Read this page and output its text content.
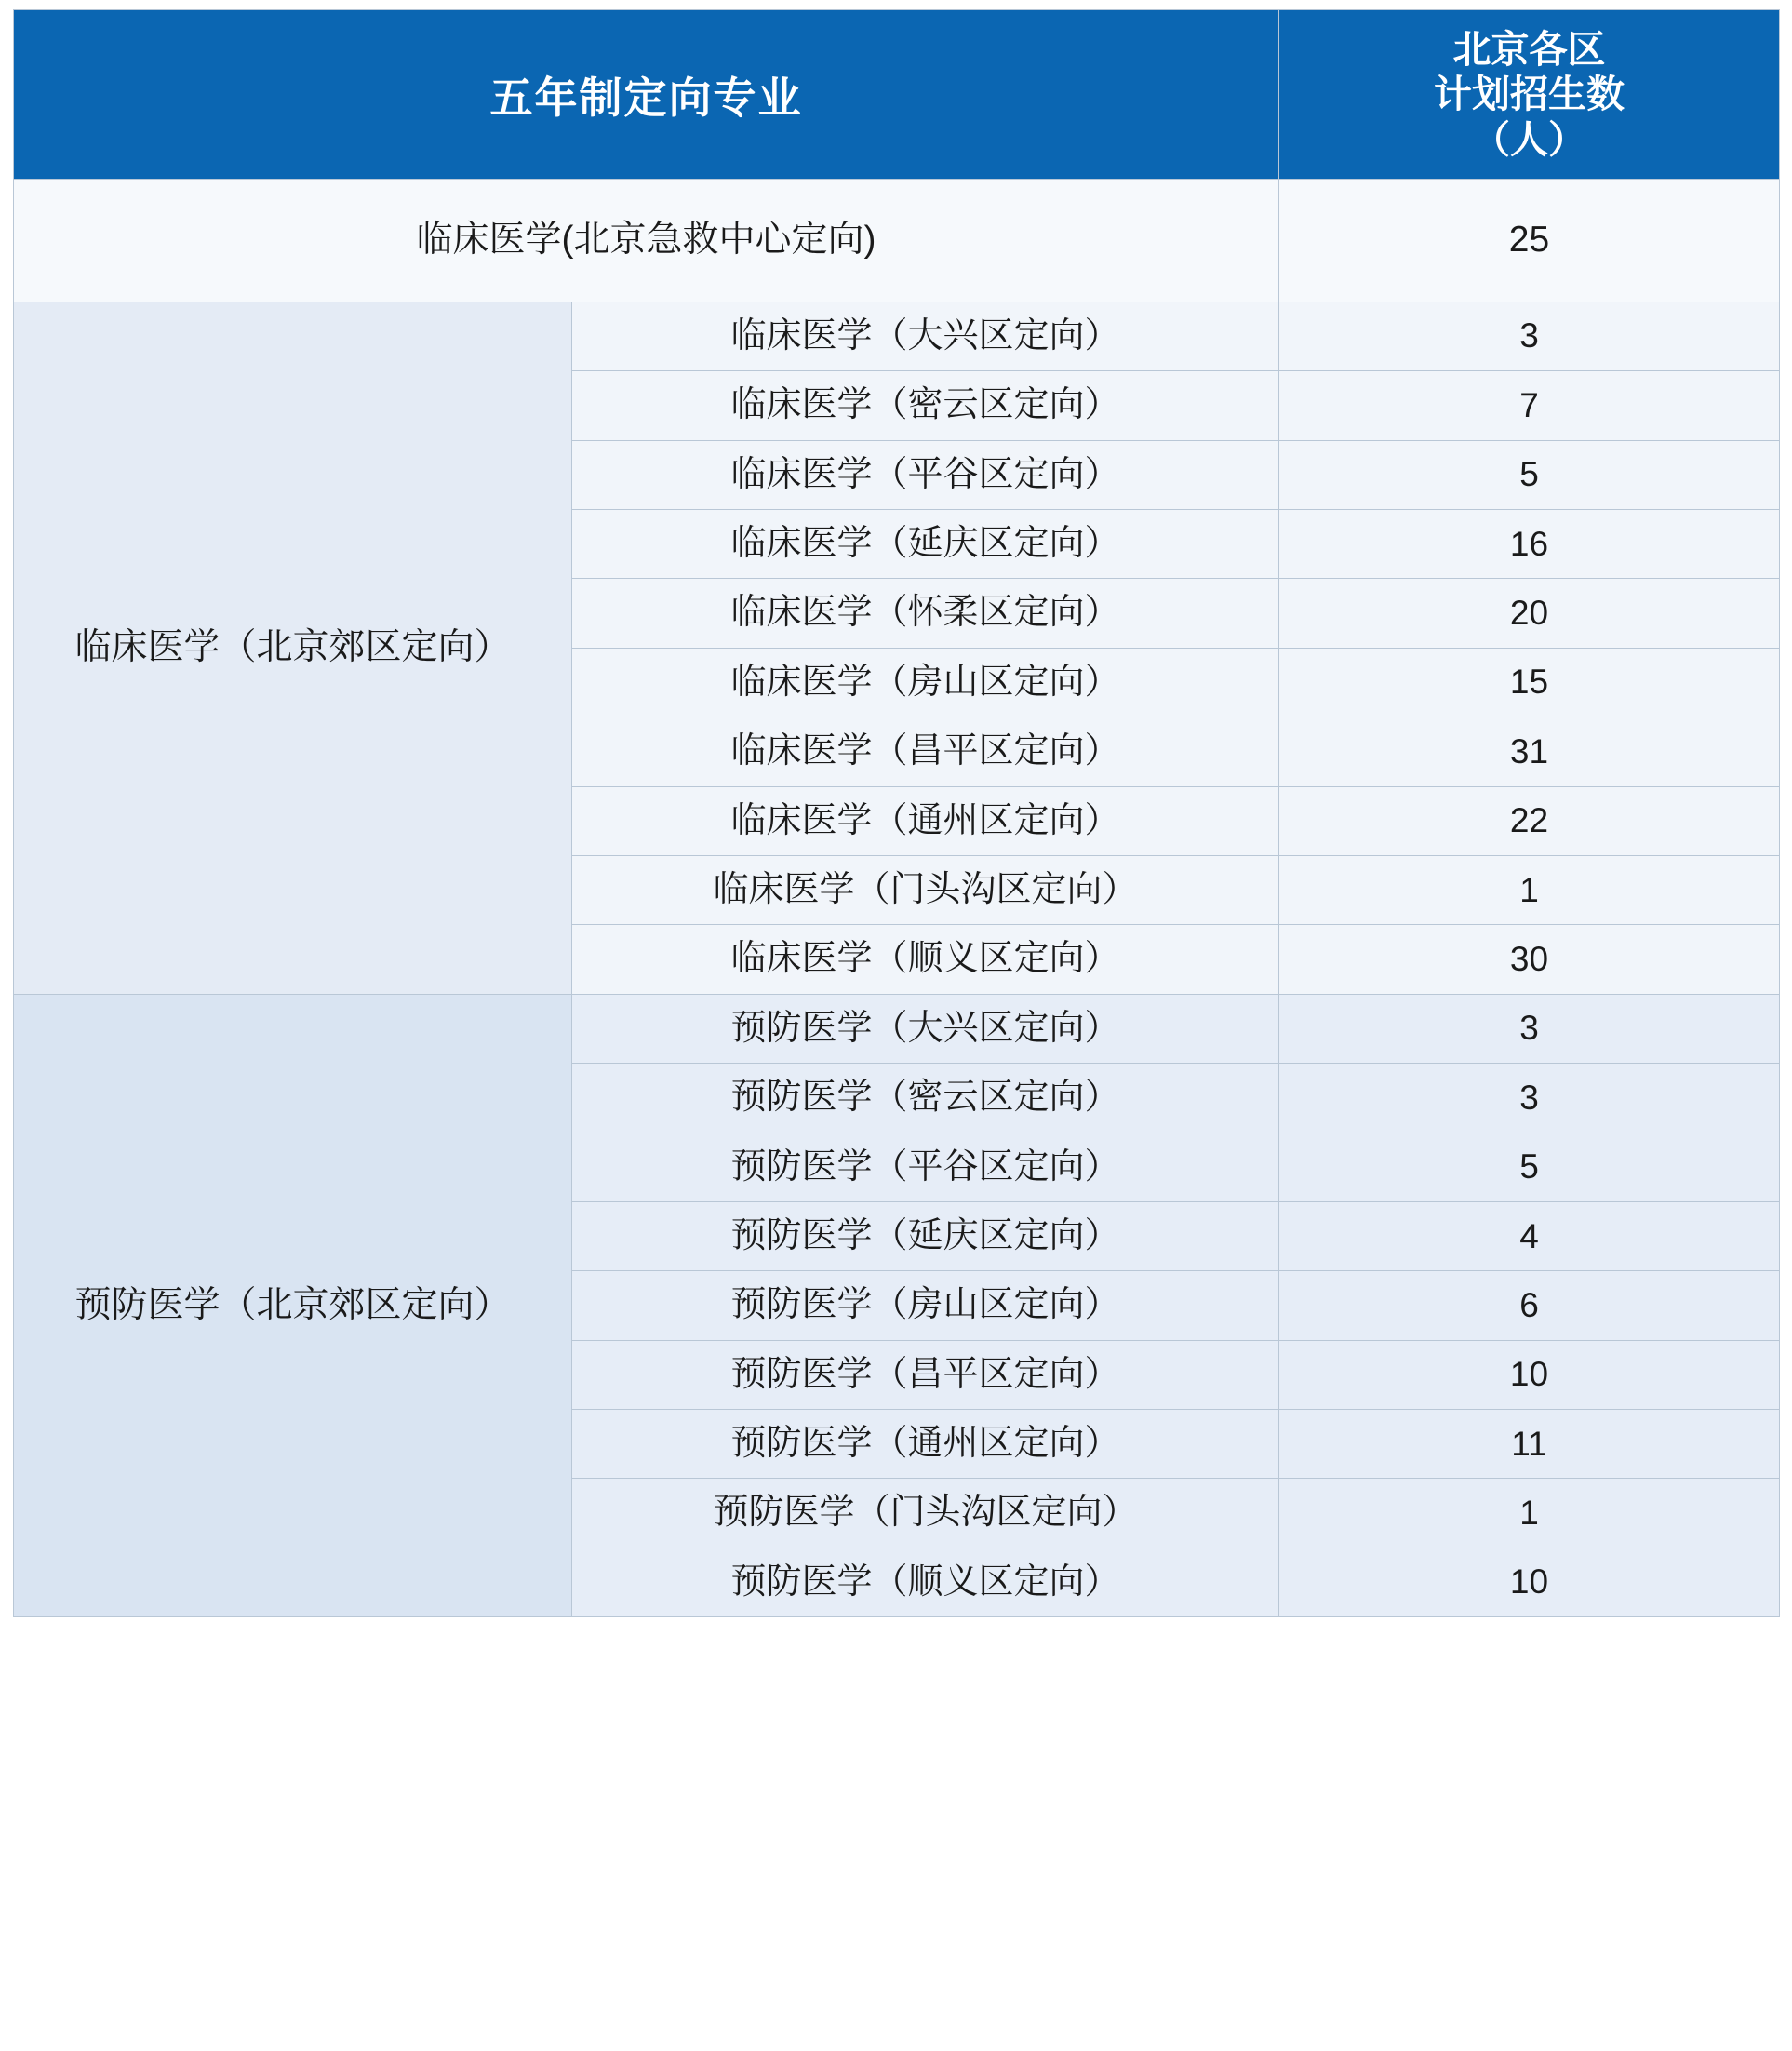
五年制定向专业		北京各区
计划招生数
（人）

临床医学(北京急救中心定向)		25
临床医学（北京郊区定向）	临床医学（大兴区定向）	3
	临床医学（密云区定向）	7
	临床医学（平谷区定向）	5
	临床医学（延庆区定向）	16
	临床医学（怀柔区定向）	20
	临床医学（房山区定向）	15
	临床医学（昌平区定向）	31
	临床医学（通州区定向）	22
	临床医学（门头沟区定向）	1
	临床医学（顺义区定向）	30
预防医学（北京郊区定向）	预防医学（大兴区定向）	3
	预防医学（密云区定向）	3
	预防医学（平谷区定向）	5
	预防医学（延庆区定向）	4
	预防医学（房山区定向）	6
	预防医学（昌平区定向）	10
	预防医学（通州区定向）	11
	预防医学（门头沟区定向）	1
	预防医学（顺义区定向）	10
